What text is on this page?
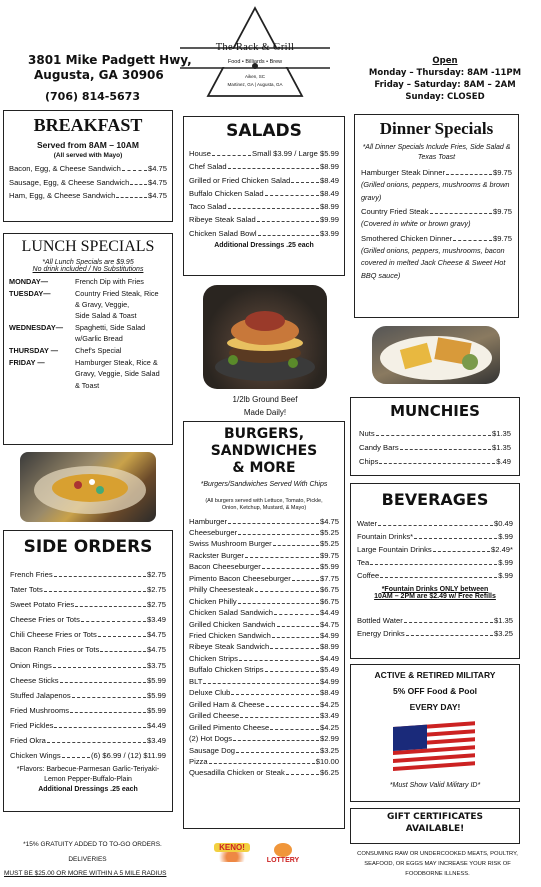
3801 Mike Padgett Hwy,
Augusta, GA 30906
(706) 814-5673
The Rack & Grill
Food • Billiards • Brew
Aiken, SC
Martinez, GA | Augusta, GA
Open
Monday – Thursday: 8AM -11PM
Friday – Saturday: 8AM – 2AM
Sunday: CLOSED
BREAKFAST
Served from 8AM – 10AM
(All served with Mayo)
Bacon, Egg, & Cheese Sandwich	$4.75
Sausage, Egg, & Cheese Sandwich $4.75
Ham, Egg, & Cheese Sandwich	$4.75
LUNCH SPECIALS
*All Lunch Specials are $9.95
No drink included / No Substitutions
MONDAY—	French Dip with Fries
TUESDAY—	Country Fried Steak, Rice
& Gravy, Veggie,
Side Salad & Toast
WEDNESDAY—	Spaghetti, Side Salad
w/Garlic Bread
THURSDAY —	Chef's Special
FRIDAY —	Hamburger Steak, Rice &
Gravy, Veggie, Side Salad
& Toast
SIDE ORDERS
French Fries	$2.75
Tater Tots	$2.75
Sweet Potato Fries	$2.75
Cheese Fries or Tots	$3.49
Chili Cheese Fries or Tots	$4.75
Bacon Ranch Fries or Tots	$4.75
Onion Rings	$3.75
Cheese Sticks	$5.99
Stuffed Jalapenos	$5.99
Fried Mushrooms	$5.99
Fried Pickles	$4.49
Fried Okra	$3.49
Chicken Wings	(6) $6.99 / (12) $11.99
*Flavors: Barbecue-Parmesan Garlic-Teriyaki-Lemon Pepper-Buffalo-Plain
Additional Dressings .25 each
SALADS
House	Small $3.99 / Large $5.99
Chef Salad	$8.99
Grilled or Fried Chicken Salad	$8.49
Buffalo Chicken Salad	$8.49
Taco Salad	$8.99
Ribeye Steak Salad	$9.99
Chicken Salad Bowl	$3.99
Additional Dressings .25 each
1/2lb Ground Beef
Made Daily!
BURGERS,
SANDWICHES
& MORE
*Burgers/Sandwiches Served With Chips
(All burgers served with Lettuce, Tomato, Pickle, Onion, Ketchup, Mustard, & Mayo)
Hamburger	$4.75
Cheeseburger	$5.25
Swiss Mushroom Burger	$5.25
Rackster Burger	$9.75
Bacon Cheeseburger	$5.99
Pimento Bacon Cheeseburger	$7.75
Philly Cheesesteak	$6.75
Chicken Philly	$6.75
Chicken Salad Sandwich	$4.49
Grilled Chicken Sandwich	$4.75
Fried Chicken Sandwich	$4.99
Ribeye Steak Sandwich	$8.99
Chicken Strips	$4.49
Buffalo Chicken Strips	$5.49
BLT	$4.99
Deluxe Club	$8.49
Grilled Ham & Cheese	$4.25
Grilled Cheese	$3.49
Grilled Pimento Cheese	$4.25
(2) Hot Dogs	$2.99
Sausage Dog	$3.25
Pizza	$10.00
Quesadilla Chicken or Steak	$6.25
Dinner Specials
*All Dinner Specials Include Fries, Side Salad & Texas Toast
Hamburger Steak Dinner	$9.75
(Grilled onions, peppers, mushrooms & brown gravy)
Country Fried Steak	$9.75
(Covered in white or brown gravy)
Smothered Chicken Dinner	$9.75
(Grilled onions, peppers, mushrooms, bacon covered in melted Jack Cheese & Sweet Hot BBQ sauce)
MUNCHIES
Nuts	$1.35
Candy Bars	$1.35
Chips	$.49
BEVERAGES
Water	$0.49
Fountain Drinks*	$.99
Large Fountain Drinks	$2.49*
Tea	$.99
Coffee	$.99
*Fountain Drinks ONLY between
10AM – 2PM are $2.49 w/ Free Refills
Bottled Water	$1.35
Energy Drinks	$3.25
ACTIVE & RETIRED MILITARY
5% OFF Food & Pool
EVERY DAY!
*Must Show Valid Military ID*
GIFT CERTIFICATES
AVAILABLE!
*15% GRATUITY ADDED TO TO-GO ORDERS.
DELIVERIES
MUST BE $25.00 OR MORE WITHIN A 5 MILE RADIUS
KENO!
LOTTERY
CONSUMING RAW OR UNDERCOOKED MEATS, POULTRY, SEAFOOD, OR EGGS MAY INCREASE YOUR RISK OF FOODBORNE ILLNESS.
